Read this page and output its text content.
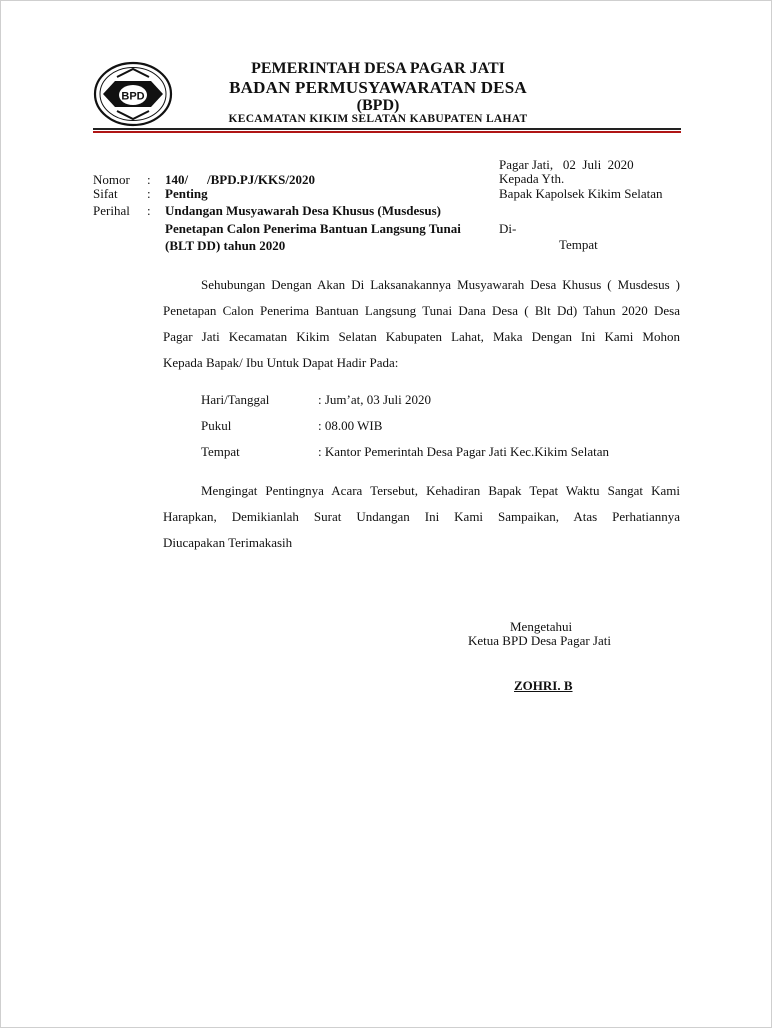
BPD
PEMERINTAH DESA PAGAR JATI
BADAN PERMUSYAWARATAN DESA
(BPD)
KECAMATAN KIKIM SELATAN KABUPATEN LAHAT
Pagar Jati,   02  Juli  2020
Kepada Yth.
Bapak Kapolsek Kikim Selatan
Di-
Tempat
Nomor : 140/ /BPD.PJ/KKS/2020
Sifat : Penting
Perihal : Undangan Musyawarah Desa Khusus (Musdesus)
Penetapan Calon Penerima Bantuan Langsung Tunai
(BLT DD) tahun 2020
Sehubungan Dengan Akan Di Laksanakannya Musyawarah Desa Khusus ( Musdesus )
Penetapan Calon Penerima Bantuan Langsung Tunai Dana Desa ( Blt Dd) Tahun 2020 Desa
Pagar Jati Kecamatan Kikim Selatan Kabupaten Lahat, Maka Dengan Ini Kami Mohon
Kepada Bapak/ Ibu Untuk Dapat Hadir Pada:
Hari/Tanggal	: Jum’at, 03 Juli 2020
Pukul	: 08.00 WIB
Tempat	: Kantor Pemerintah Desa Pagar Jati Kec.Kikim Selatan
Mengingat Pentingnya Acara Tersebut, Kehadiran Bapak Tepat Waktu Sangat Kami
Harapkan, Demikianlah Surat Undangan Ini Kami Sampaikan, Atas Perhatiannya
Diucapakan Terimakasih
Mengetahui
Ketua BPD Desa Pagar Jati
ZOHRI. B
